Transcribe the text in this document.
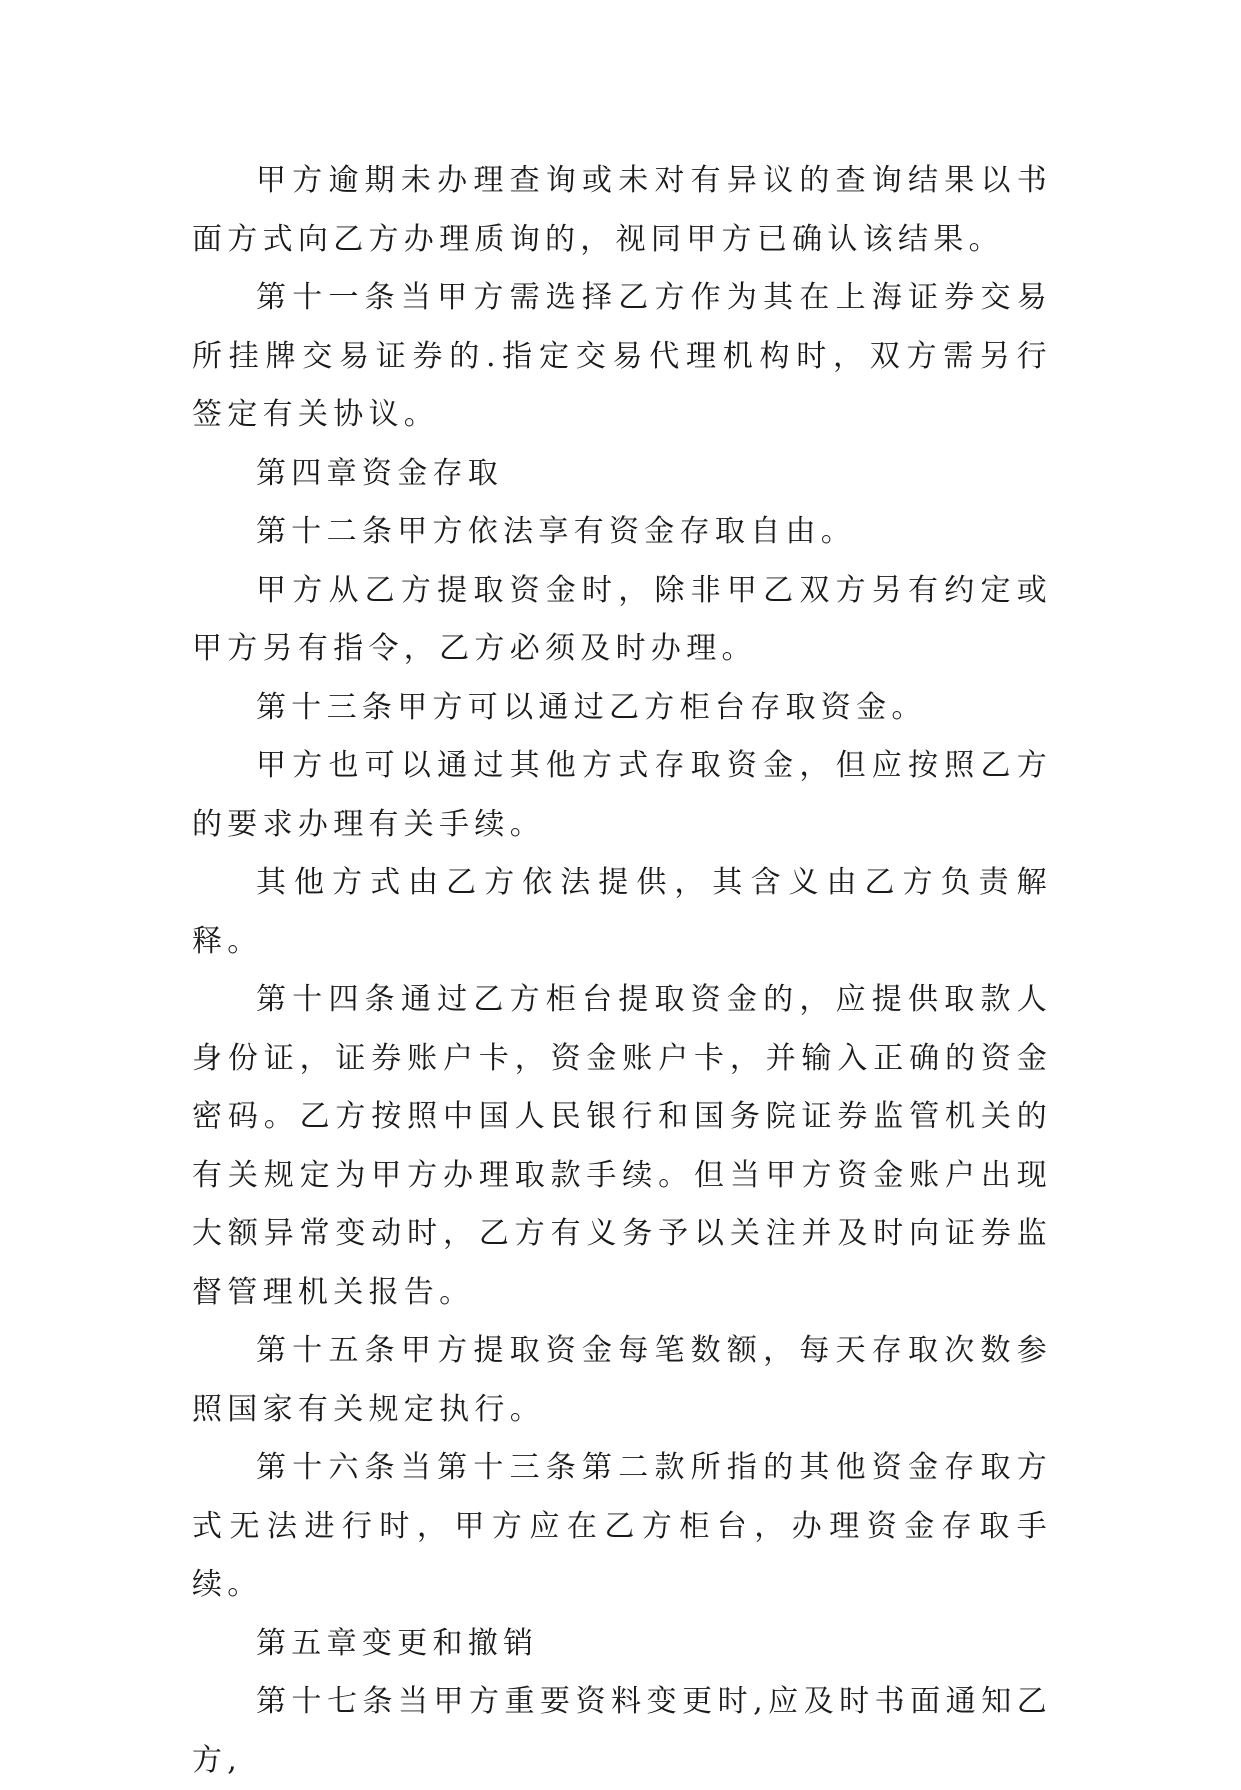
甲方逾期未办理查询或未对有异议的查询结果以书面方式向乙方办理质询的，视同甲方已确认该结果。

第十一条当甲方需选择乙方作为其在上海证券交易所挂牌交易证券的.指定交易代理机构时，双方需另行签定有关协议。

第四章资金存取

第十二条甲方依法享有资金存取自由。

甲方从乙方提取资金时，除非甲乙双方另有约定或甲方另有指令，乙方必须及时办理。

第十三条甲方可以通过乙方柜台存取资金。

甲方也可以通过其他方式存取资金，但应按照乙方的要求办理有关手续。

其他方式由乙方依法提供，其含义由乙方负责解释。

第十四条通过乙方柜台提取资金的，应提供取款人身份证，证券账户卡，资金账户卡，并输入正确的资金密码。乙方按照中国人民银行和国务院证券监管机关的有关规定为甲方办理取款手续。但当甲方资金账户出现大额异常变动时，乙方有义务予以关注并及时向证券监督管理机关报告。

第十五条甲方提取资金每笔数额，每天存取次数参照国家有关规定执行。

第十六条当第十三条第二款所指的其他资金存取方式无法进行时，甲方应在乙方柜台，办理资金存取手续。

第五章变更和撤销

第十七条当甲方重要资料变更时,应及时书面通知乙方,
